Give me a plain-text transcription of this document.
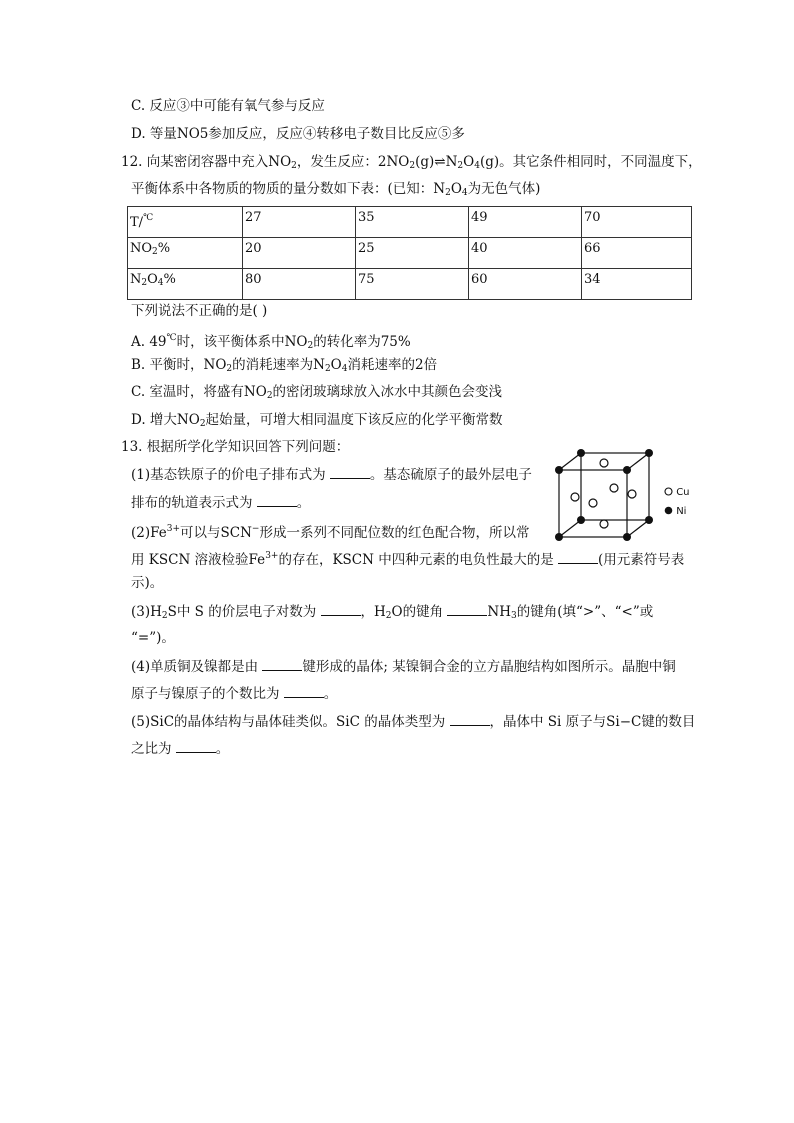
C. 反应③中可能有氧气参与反应
D. 等量NO5参加反应，反应④转移电子数目比反应⑤多
12. 向某密闭容器中充入$NO_2$，发生反应：$2NO_2(g)\rightleftharpoons N_2O_4(g)$。其它条件相同时，不同温度下，
平衡体系中各物质的物质的量分数如下表：(已知：$N_2O_4$为无色气体)
T/℃	27	35	49	70
$NO_2\%$	20	25	40	66
$N_2O_4\%$	80	75	60	34
下列说法不正确的是( )
A. 49℃时，该平衡体系中$NO_2$的转化率为75%
B. 平衡时，$NO_2$的消耗速率为$N_2O_4$消耗速率的2倍
C. 室温时，将盛有$NO_2$的密闭玻璃球放入冰水中其颜色会变浅
D. 增大$NO_2$起始量，可增大相同温度下该反应的化学平衡常数
13. 根据所学化学知识回答下列问题：
(1)基态铁原子的价电子排布式为	。基态硫原子的最外层电子
排布的轨道表示式为	。
$(2)Fe^{3+}$可以与SCN−形成一系列不同配位数的红色配合物，所以常
用 KSCN 溶液检验$Fe^{3+}$的存在，KSCN 中四种元素的电负性最大的是	(用元素符号表
示)。
$(3)H_2S$中 S 的价层电子对数为	，$H_2O$的键角	$NH_3$的键角(填“>”、“<”或
“=”)。
(4)单质铜及镍都是由	键形成的晶体; 某镍铜合金的立方晶胞结构如图所示。晶胞中铜
原子与镍原子的个数比为	。
(5)SiC的晶体结构与晶体硅类似。SiC 的晶体类型为	，晶体中 Si 原子与Si−C键的数目
之比为	。
Cu
Ni
